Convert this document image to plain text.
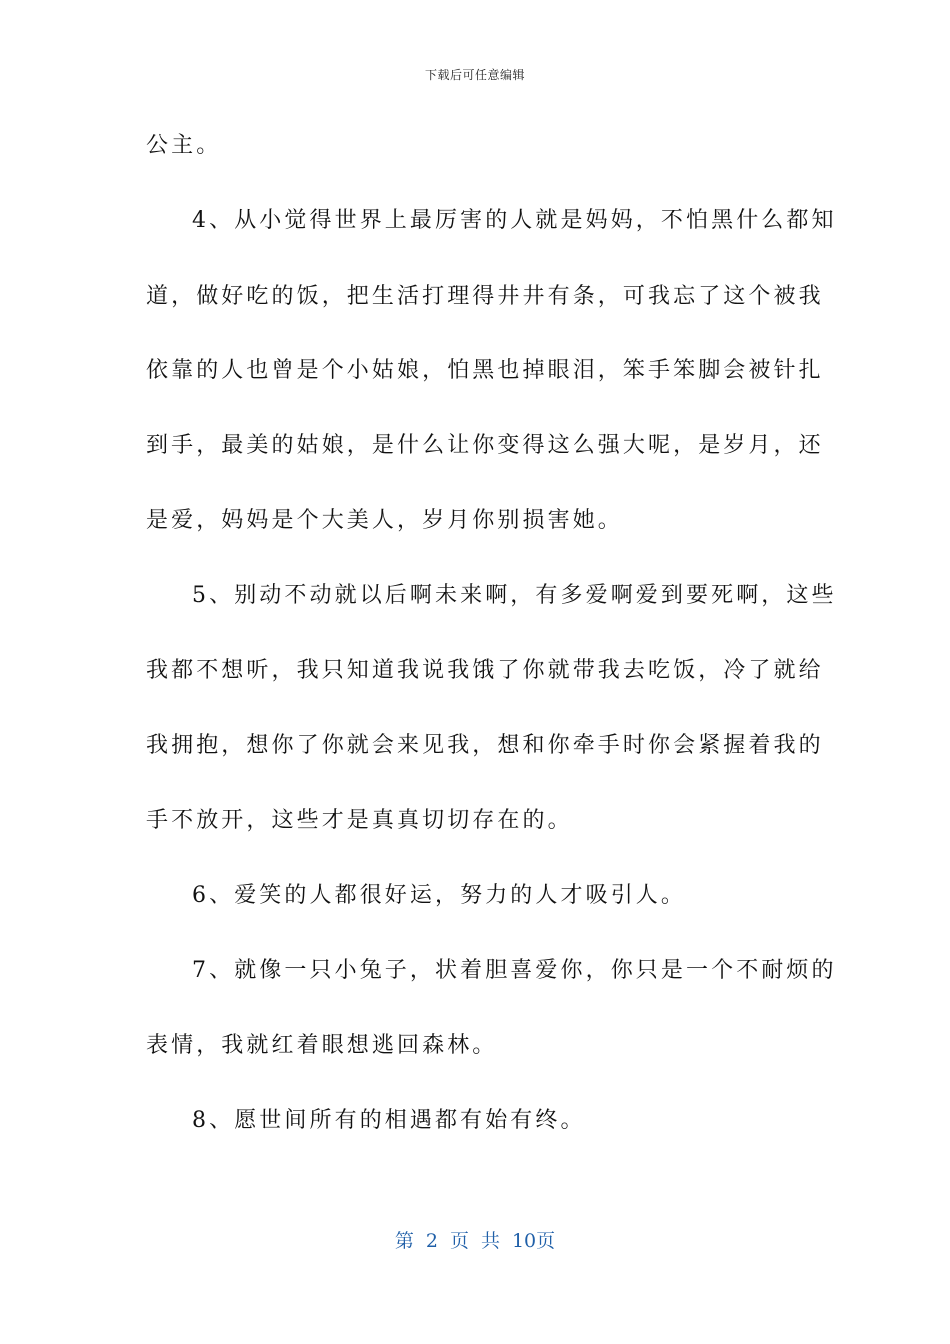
下载后可任意编辑
公主。
4、从小觉得世界上最厉害的人就是妈妈，不怕黑什么都知
道，做好吃的饭，把生活打理得井井有条，可我忘了这个被我
依靠的人也曾是个小姑娘，怕黑也掉眼泪，笨手笨脚会被针扎
到手，最美的姑娘，是什么让你变得这么强大呢，是岁月，还
是爱，妈妈是个大美人，岁月你别损害她。
5、别动不动就以后啊未来啊，有多爱啊爱到要死啊，这些
我都不想听，我只知道我说我饿了你就带我去吃饭，冷了就给
我拥抱，想你了你就会来见我，想和你牵手时你会紧握着我的
手不放开，这些才是真真切切存在的。
6、爱笑的人都很好运，努力的人才吸引人。
7、就像一只小兔子，状着胆喜爱你，你只是一个不耐烦的
表情，我就红着眼想逃回森林。
8、愿世间所有的相遇都有始有终。
第 2 页 共 10页
